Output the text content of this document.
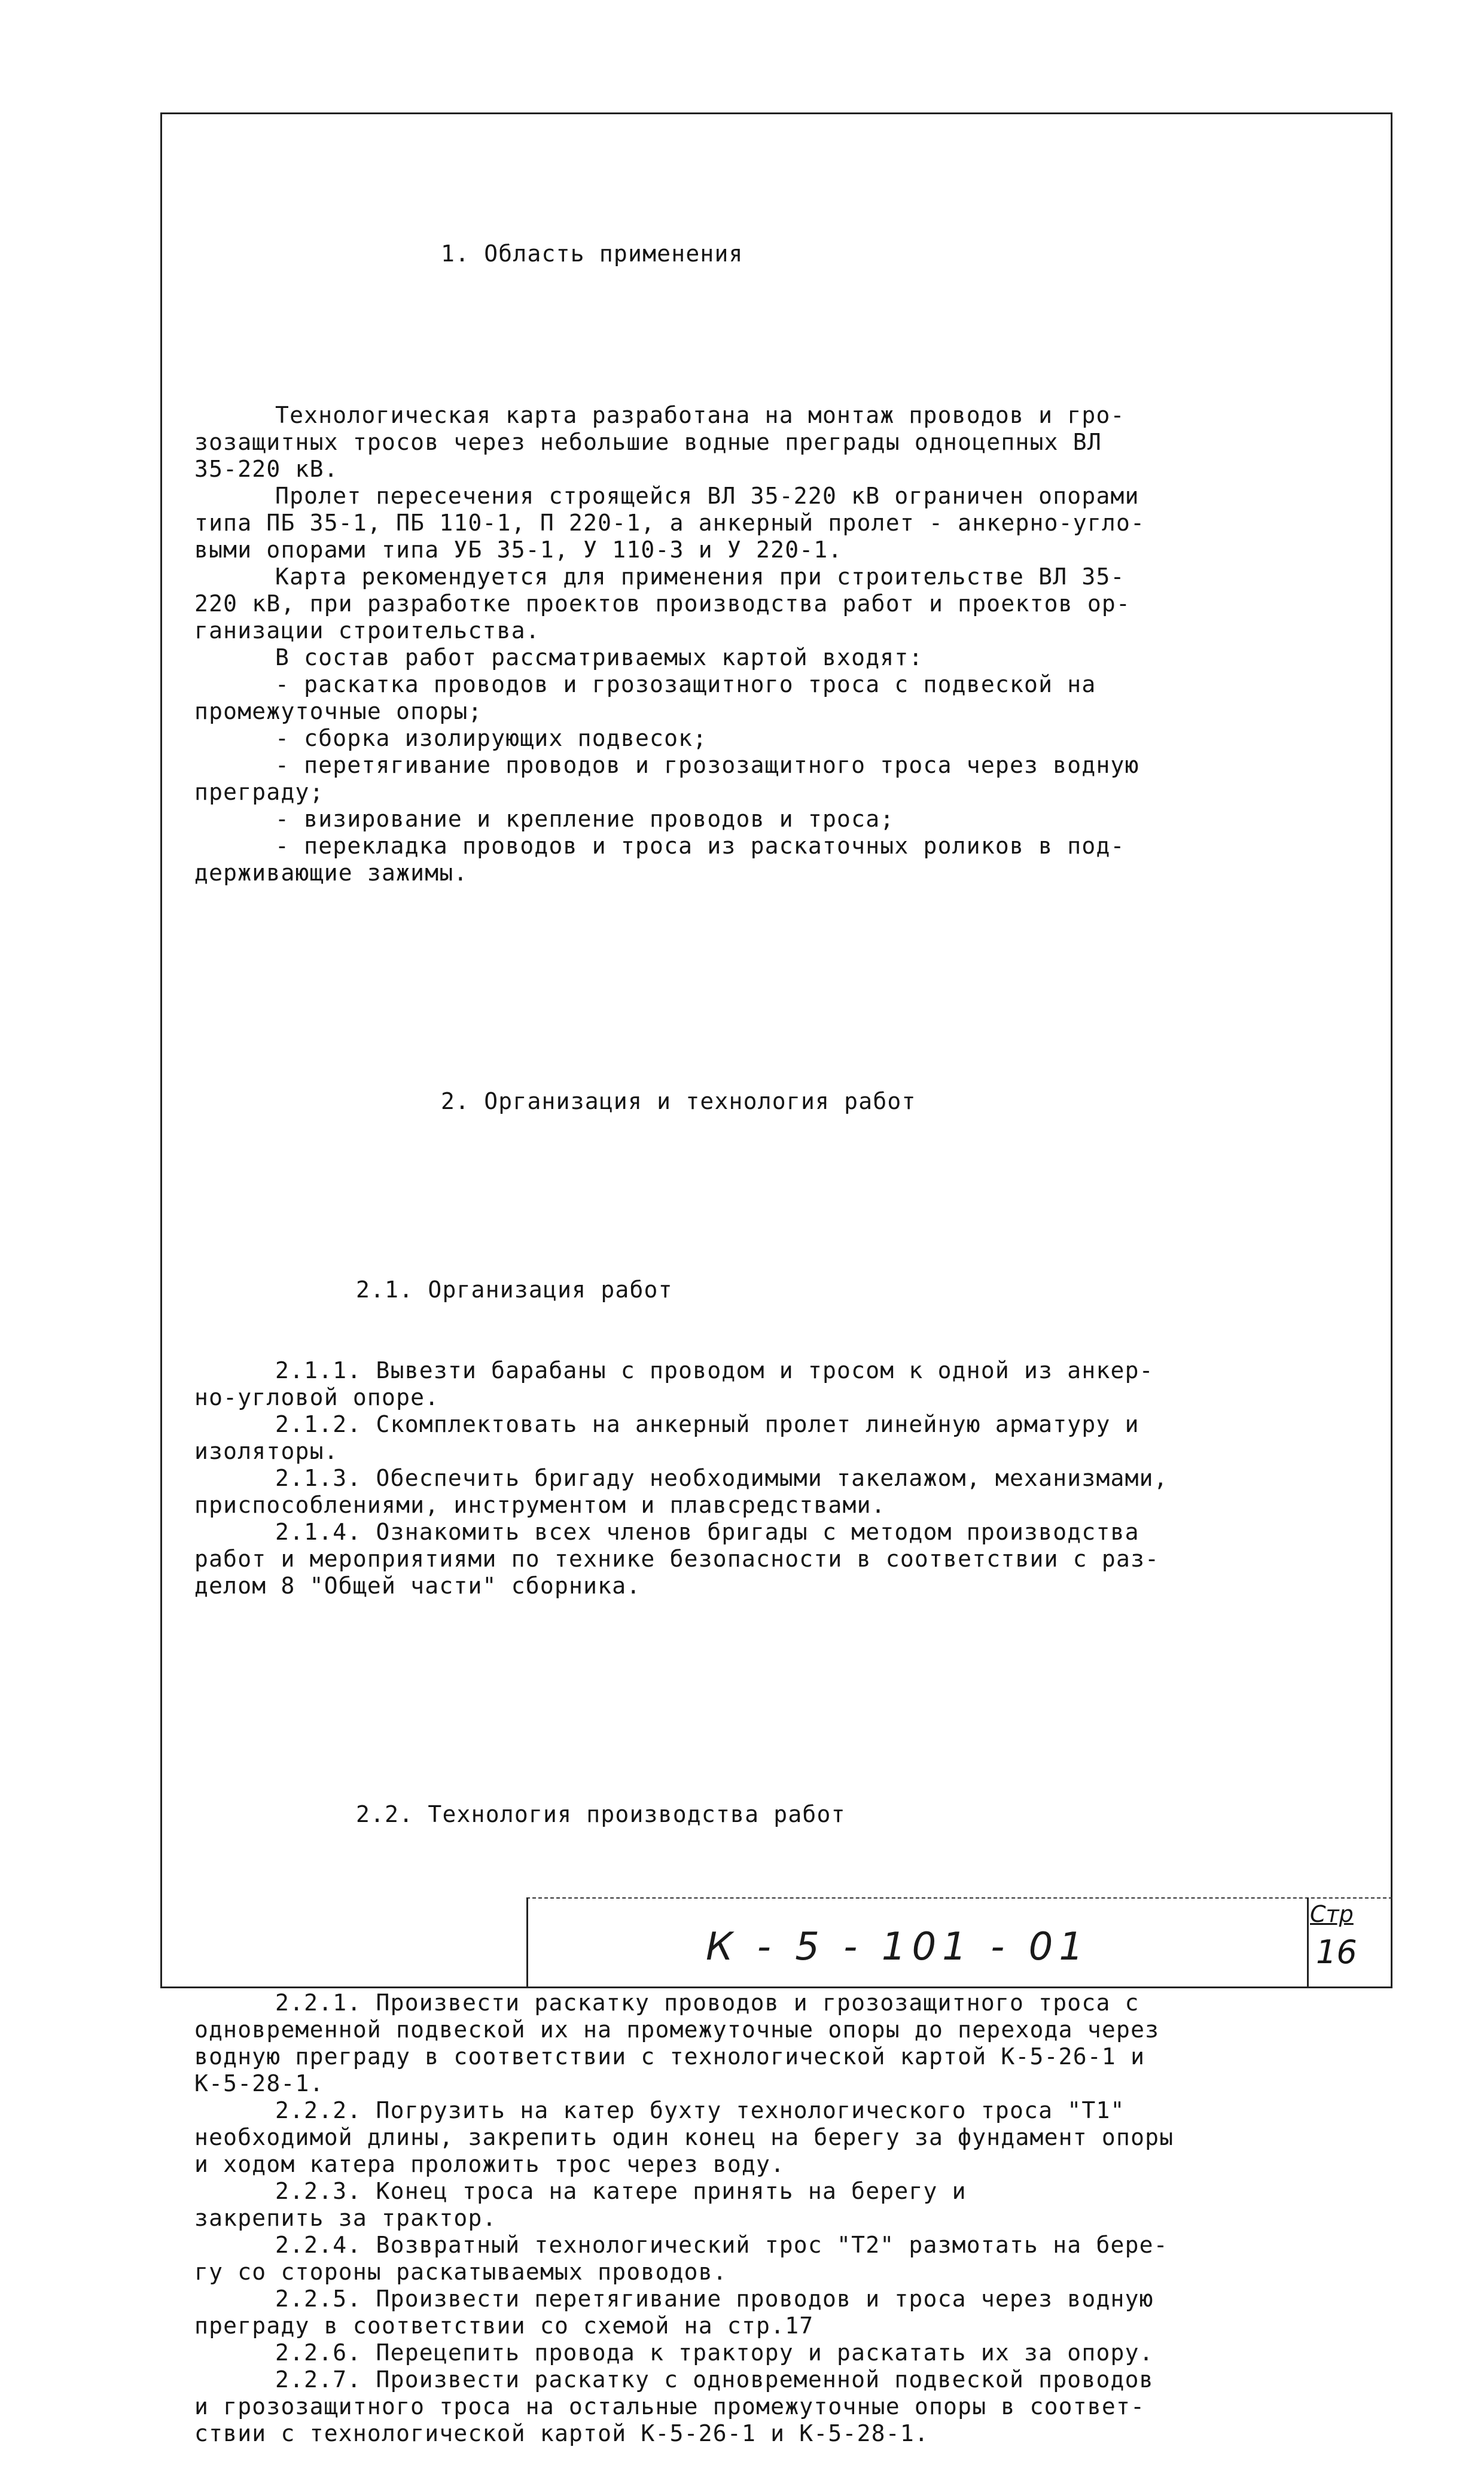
1. Область применения

Технологическая карта разработана на монтаж проводов и гро-

зозащитных тросов через небольшие водные преграды одноцепных ВЛ

35-220 кВ.

Пролет пересечения строящейся ВЛ 35-220 кВ ограничен опорами

типа ПБ 35-1, ПБ 110-1, П 220-1, а анкерный пролет - анкерно-угло-

выми опорами типа УБ 35-1, У 110-3 и У 220-1.

Карта рекомендуется для применения при строительстве ВЛ 35-

220 кВ, при разработке проектов производства работ и проектов ор-

ганизации строительства.

В состав работ рассматриваемых картой входят:

- раскатка проводов и грозозащитного троса с подвеской на

промежуточные опоры;

- сборка изолирующих подвесок;

- перетягивание проводов и грозозащитного троса через водную

преграду;

- визирование и крепление проводов и троса;

- перекладка проводов и троса из раскаточных роликов в под-

держивающие зажимы.

2. Организация и технология работ

2.1. Организация работ

2.1.1. Вывезти барабаны с проводом и тросом к одной из анкер-

но-угловой опоре.

2.1.2. Скомплектовать на анкерный пролет линейную арматуру и

изоляторы.

2.1.3. Обеспечить бригаду необходимыми такелажом, механизмами,

приспособлениями, инструментом и плавсредствами.

2.1.4. Ознакомить всех членов бригады с методом производства

работ и мероприятиями по технике безопасности в соответствии с раз-

делом 8 "Общей части" сборника.

2.2. Технология производства работ

2.2.1. Произвести раскатку проводов и грозозащитного троса с

одновременной подвеской их на промежуточные опоры до перехода через

водную преграду в соответствии с технологической картой К-5-26-1 и

К-5-28-1.

2.2.2. Погрузить на катер бухту технологического троса "Т1"

необходимой длины, закрепить один конец на берегу за фундамент опоры

и ходом катера проложить трос через воду.

2.2.3. Конец троса на катере принять на берегу и

закрепить за трактор.

2.2.4. Возвратный технологический трос "Т2" размотать на бере-

гу со стороны раскатываемых проводов.

2.2.5. Произвести перетягивание проводов и троса через водную

преграду в соответствии со схемой на стр.17

2.2.6. Перецепить провода к трактору и раскатать их за опору.

2.2.7. Произвести раскатку с одновременной подвеской проводов

и грозозащитного троса на остальные промежуточные опоры в соответ-

ствии с технологической картой К-5-26-1 и К-5-28-1.

К - 5 - 101 - 01
Стр
16
